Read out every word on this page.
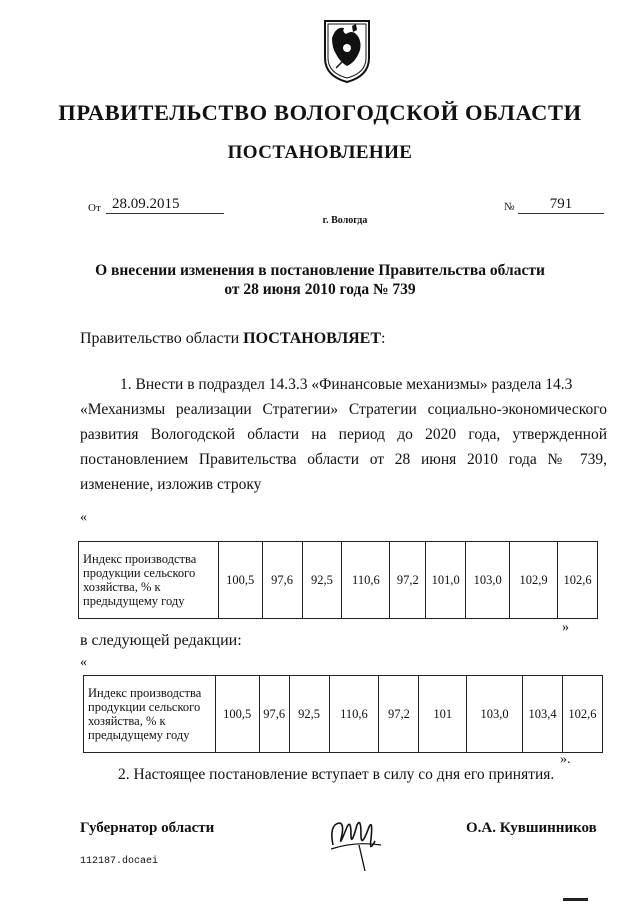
ПРАВИТЕЛЬСТВО ВОЛОГОДСКОЙ ОБЛАСТИ
ПОСТАНОВЛЕНИЕ
От 28.09.2015	№	791
г. Вологда
О внесении изменения в постановление Правительства области
от 28 июня 2010 года № 739
Правительство области ПОСТАНОВЛЯЕТ:
1. Внести в подраздел 14.3.3 «Финансовые механизмы» раздела 14.3
«Механизмы реализации Стратегии» Стратегии социально-экономического развития Вологодской области на период до 2020 года, утвержденной постановлением Правительства области от 28 июня 2010 года № 739, изменение, изложив строку
«
Индекс производства продукции сельского хозяйства, % к предыдущему году	100,5	97,6	92,5	110,6	97,2	101,0	103,0	102,9	102,6
»
в следующей редакции:
«
Индекс производства продукции сельского хозяйства, % к предыдущему году	100,5	97,6	92,5	110,6	97,2	101	103,0	103,4	102,6
».
2. Настоящее постановление вступает в силу со дня его принятия.
Губернатор области	О.А. Кувшинников
112187.docaei
